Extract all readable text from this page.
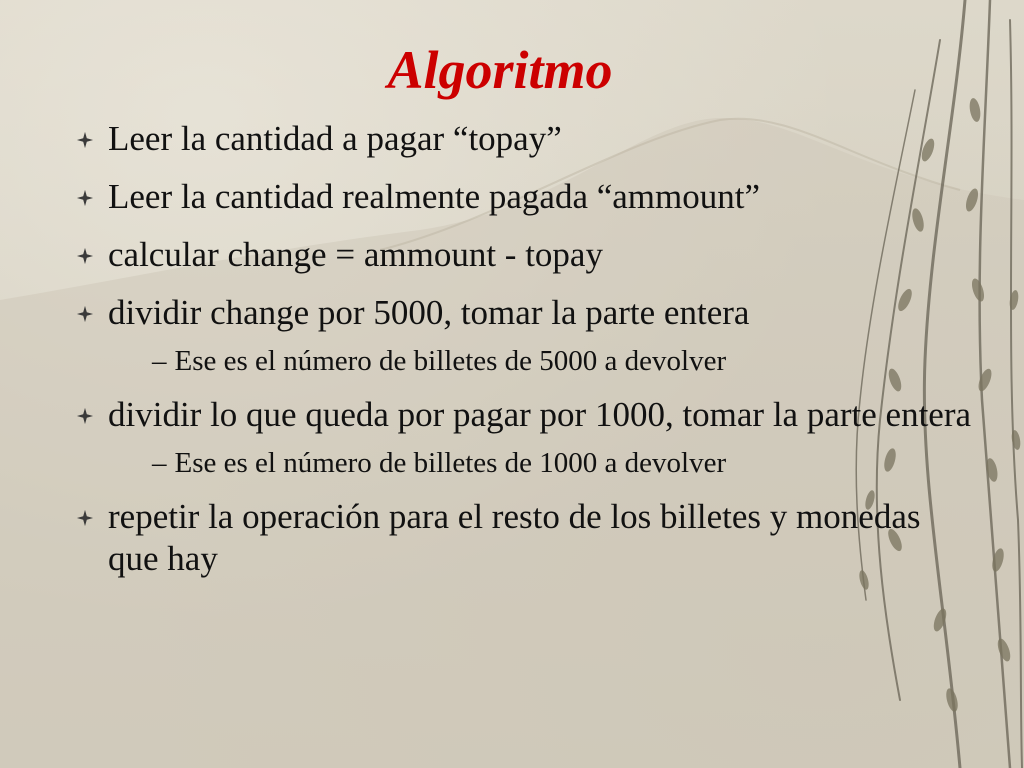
Algoritmo
Leer la cantidad a pagar “topay”
Leer la cantidad realmente pagada “ammount”
calcular change = ammount - topay
dividir change por 5000, tomar la parte entera
– Ese es el número de billetes de 5000 a devolver
dividir lo que queda por pagar por 1000, tomar la parte entera
– Ese es el número de billetes de 1000 a devolver
repetir la operación para el resto de los billetes y monedas que hay
